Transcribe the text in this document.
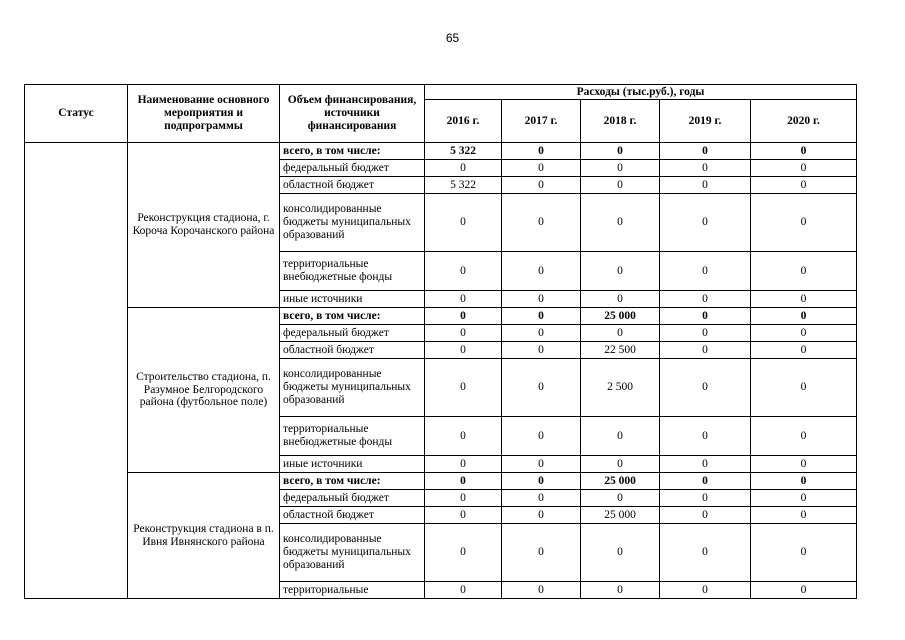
65
Статус	Наименование основного мероприятия и подпрограммы	Объем финансирования, источники финансирования	Расходы (тыс.руб.), годы				
			2016 г.	2017 г.	2018 г.	2019 г.	2020 г.
	Реконструкция стадиона, г. Короча Корочанского района	всего, в том числе:	5 322	0	0	0	0
		федеральный бюджет	0	0	0	0	0
		областной бюджет	5 322	0	0	0	0
		консолидированные бюджеты муниципальных образований	0	0	0	0	0
		территориальные внебюджетные фонды	0	0	0	0	0
		иные источники	0	0	0	0	0
	Строительство стадиона, п. Разумное Белгородского района (футбольное поле)	всего, в том числе:	0	0	25 000	0	0
		федеральный бюджет	0	0	0	0	0
		областной бюджет	0	0	22 500	0	0
		консолидированные бюджеты муниципальных образований	0	0	2 500	0	0
		территориальные внебюджетные фонды	0	0	0	0	0
		иные источники	0	0	0	0	0
	Реконструкция стадиона в п. Ивня Ивнянского района	всего, в том числе:	0	0	25 000	0	0
		федеральный бюджет	0	0	0	0	0
		областной бюджет	0	0	25 000	0	0
		консолидированные бюджеты муниципальных образований	0	0	0	0	0
		территориальные	0	0	0	0	0
